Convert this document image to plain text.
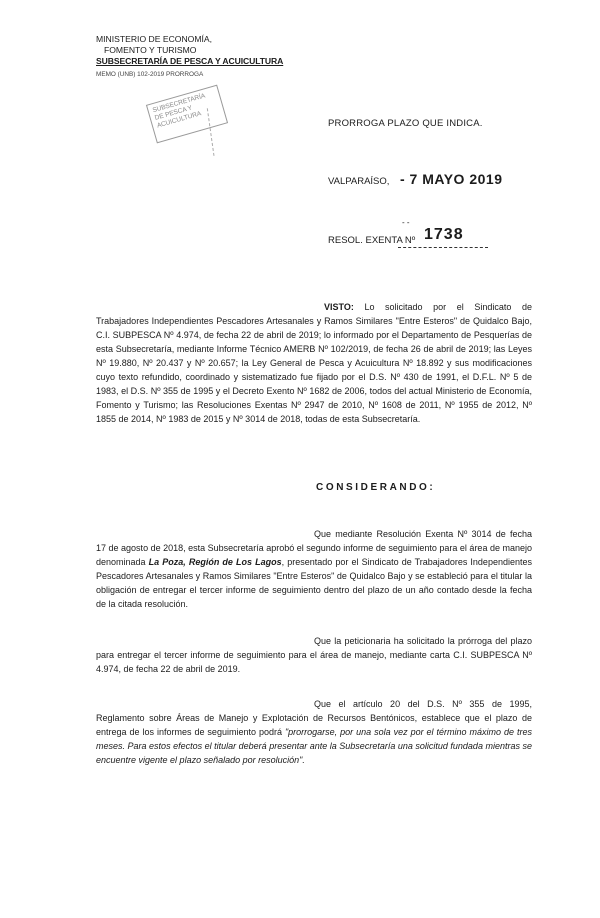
MINISTERIO DE ECONOMÍA,
FOMENTO Y TURISMO
SUBSECRETARÍA DE PESCA Y ACUICULTURA
MEMO (UNB) 102-2019 PRORROGA
SUBSECRETARÍA DE PESCA Y ACUICULTURA	PRORROGA PLAZO QUE INDICA.
VALPARAÍSO, - 7 MAYO 2019
- -
RESOL. EXENTA Nº 1738
VISTO: Lo solicitado por el Sindicato de Trabajadores Independientes Pescadores Artesanales y Ramos Similares "Entre Esteros" de Quidalco Bajo, C.I. SUBPESCA Nº 4.974, de fecha 22 de abril de 2019; lo informado por el Departamento de Pesquerías de esta Subsecretaría, mediante Informe Técnico AMERB Nº 102/2019, de fecha 26 de abril de 2019; las Leyes Nº 19.880, Nº 20.437 y Nº 20.657; la Ley General de Pesca y Acuicultura Nº 18.892 y sus modificaciones cuyo texto refundido, coordinado y sistematizado fue fijado por el D.S. Nº 430 de 1991, el D.F.L. Nº 5 de 1983, el D.S. Nº 355 de 1995 y el Decreto Exento Nº 1682 de 2006, todos del actual Ministerio de Economía, Fomento y Turismo; las Resoluciones Exentas Nº 2947 de 2010, Nº 1608 de 2011, Nº 1955 de 2012, Nº 1855 de 2014, Nº 1983 de 2015 y Nº 3014 de 2018, todas de esta Subsecretaría.
CONSIDERANDO:
Que mediante Resolución Exenta Nº 3014 de fecha 17 de agosto de 2018, esta Subsecretaría aprobó el segundo informe de seguimiento para el área de manejo denominada La Poza, Región de Los Lagos, presentado por el Sindicato de Trabajadores Independientes Pescadores Artesanales y Ramos Similares "Entre Esteros" de Quidalco Bajo y se estableció para el titular la obligación de entregar el tercer informe de seguimiento dentro del plazo de un año contado desde la fecha de la citada resolución.
Que la peticionaria ha solicitado la prórroga del plazo para entregar el tercer informe de seguimiento para el área de manejo, mediante carta C.I. SUBPESCA Nº 4.974, de fecha 22 de abril de 2019.
Que el artículo 20 del D.S. Nº 355 de 1995, Reglamento sobre Áreas de Manejo y Explotación de Recursos Bentónicos, establece que el plazo de entrega de los informes de seguimiento podrá "prorrogarse, por una sola vez por el término máximo de tres meses. Para estos efectos el titular deberá presentar ante la Subsecretaría una solicitud fundada mientras se encuentre vigente el plazo señalado por resolución".
